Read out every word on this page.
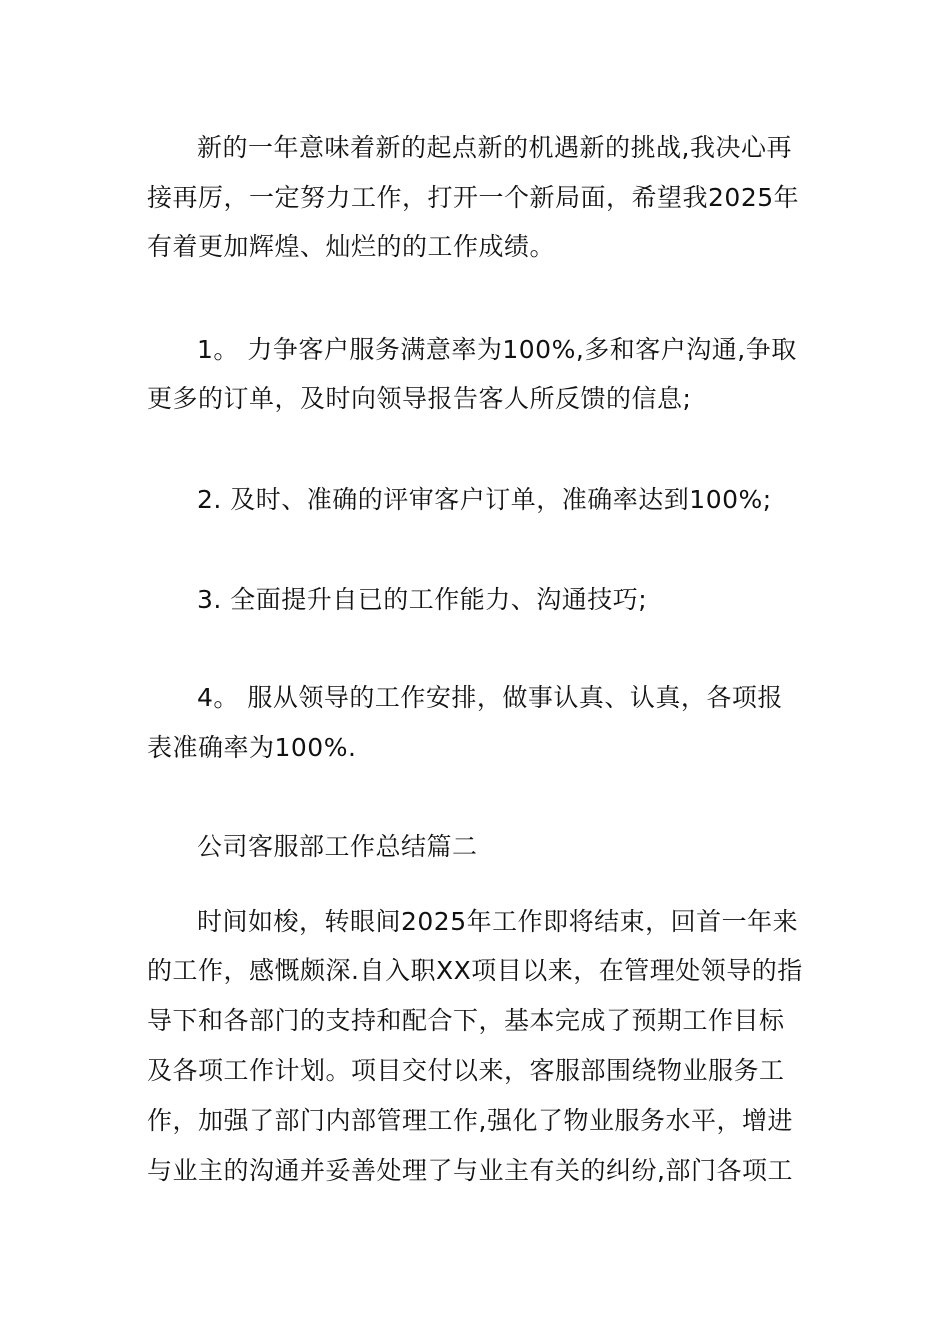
新的一年意味着新的起点新的机遇新的挑战,我决心再
接再厉，一定努力工作，打开一个新局面，希望我2025年
有着更加辉煌、灿烂的的工作成绩。
1。 力争客户服务满意率为100%,多和客户沟通,争取
更多的订单，及时向领导报告客人所反馈的信息;
2. 及时、准确的评审客户订单，准确率达到100%;
3. 全面提升自已的工作能力、沟通技巧;
4。 服从领导的工作安排，做事认真、认真，各项报
表准确率为100%.
公司客服部工作总结篇二
时间如梭，转眼间2025年工作即将结束，回首一年来
的工作，感慨颇深.自入职XX项目以来，在管理处领导的指
导下和各部门的支持和配合下，基本完成了预期工作目标
及各项工作计划。项目交付以来，客服部围绕物业服务工
作，加强了部门内部管理工作,强化了物业服务水平，增进
与业主的沟通并妥善处理了与业主有关的纠纷,部门各项工
